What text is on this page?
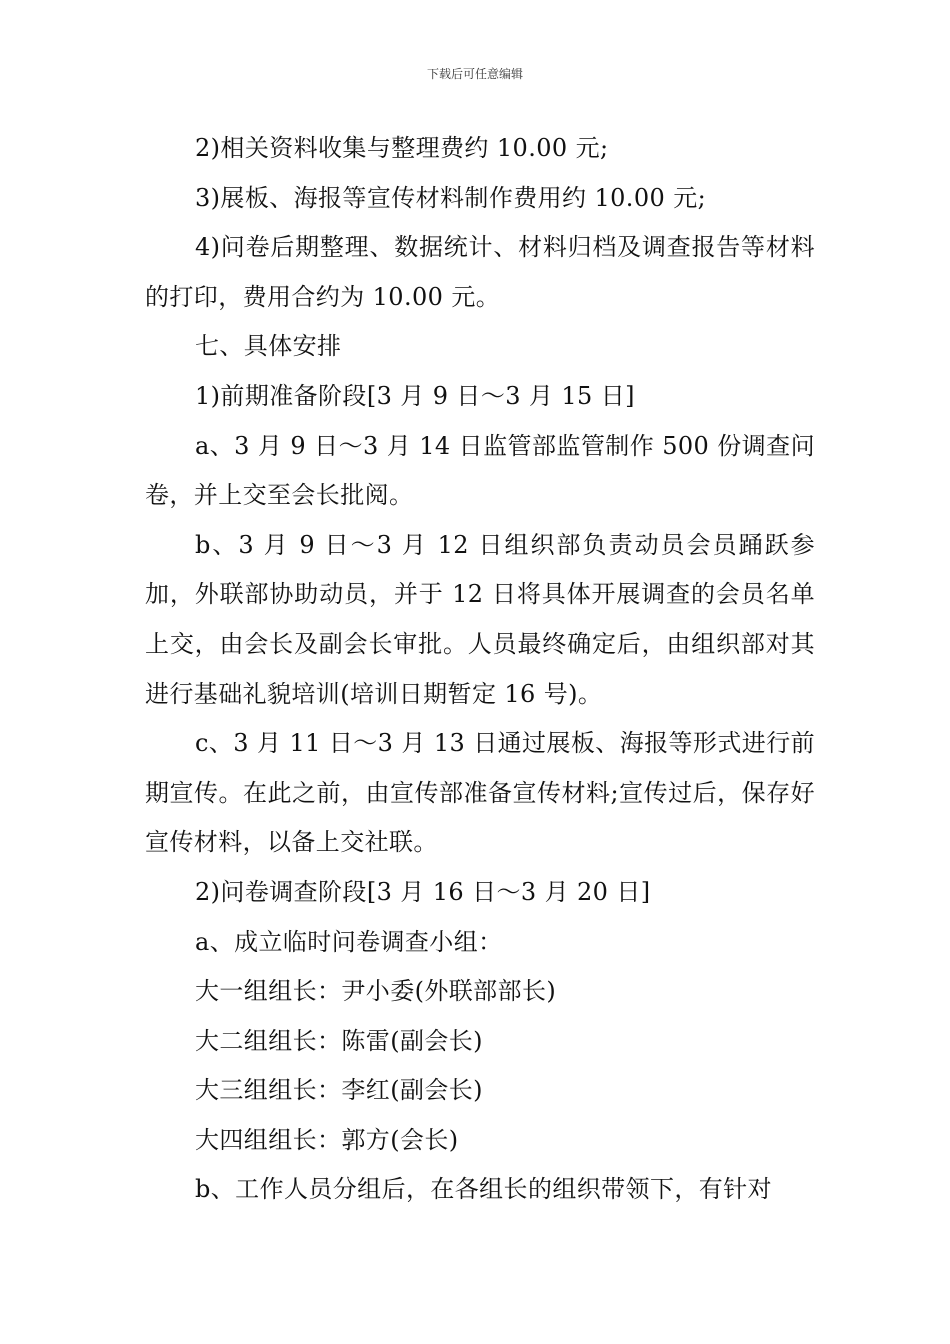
下载后可任意编辑

2)相关资料收集与整理费约 10.00 元;

3)展板、海报等宣传材料制作费用约 10.00 元;

4)问卷后期整理、数据统计、材料归档及调查报告等材料的打印，费用合约为 10.00 元。

七、具体安排

1)前期准备阶段[3 月 9 日～3 月 15 日]

a、3 月 9 日～3 月 14 日监管部监管制作 500 份调查问卷，并上交至会长批阅。

b、3 月 9 日～3 月 12 日组织部负责动员会员踊跃参加，外联部协助动员，并于 12 日将具体开展调查的会员名单上交，由会长及副会长审批。人员最终确定后，由组织部对其进行基础礼貌培训(培训日期暂定 16 号)。

c、3 月 11 日～3 月 13 日通过展板、海报等形式进行前期宣传。在此之前，由宣传部准备宣传材料;宣传过后，保存好宣传材料，以备上交社联。

2)问卷调查阶段[3 月 16 日～3 月 20 日]

a、成立临时问卷调查小组：

大一组组长：尹小委(外联部部长)

大二组组长：陈雷(副会长)

大三组组长：李红(副会长)

大四组组长：郭方(会长)

b、工作人员分组后，在各组长的组织带领下，有针对
